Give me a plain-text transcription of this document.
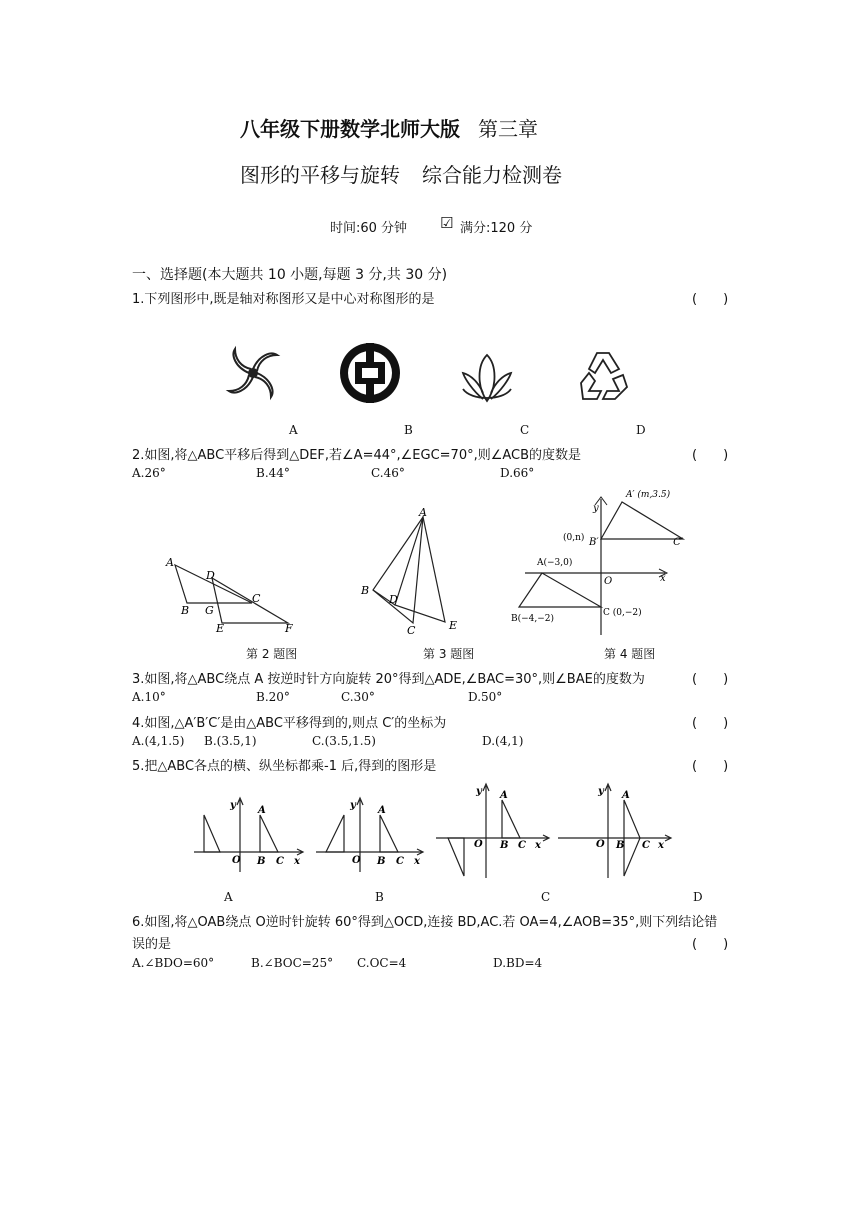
八年级下册数学北师大版 第三章
图形的平移与旋转 综合能力检测卷
时间:60 分钟 ☑ 满分:120 分
一、选择题(本大题共 10 小题,每题 3 分,共 30 分)
1.下列图形中,既是轴对称图形又是中心对称图形的是	(　　)
A	B	C	D
2.如图,将△ABC平移后得到△DEF,若∠A=44°,∠EGC=70°,则∠ACB的度数是	(　　)
A.26°	B.44°	C.46°	D.66°
A
D
C
B G
E	F
第 2 题图
A
B
D
C	E
第 3 题图
y
A′ (m,3.5)
(0,n) B′	C′
A(−3,0)
O	x
B(−4,−2)
C (0,−2)
第 4 题图
3.如图,将△ABC绕点 A 按逆时针方向旋转 20°得到△ADE,∠BAC=30°,则∠BAE的度数为	(　　)
A.10°	B.20°	C.30°	D.50°
4.如图,△A′B′C′是由△ABC平移得到的,则点 C′的坐标为	(　　)
A.(4,1.5) B.(3.5,1)	C.(3.5,1.5)	D.(4,1)
5.把△ABC各点的横、纵坐标都乘-1 后,得到的图形是	(　　)
y A
O B C x
y A
O B C x
y A
O B C x
y A
O B C x
A	B	C	D
6.如图,将△OAB绕点 O逆时针旋转 60°得到△OCD,连接 BD,AC.若 OA=4,∠AOB=35°,则下列结论错
误的是	(　　)
A.∠BDO=60°	B.∠BOC=25° C.OC=4	D.BD=4
